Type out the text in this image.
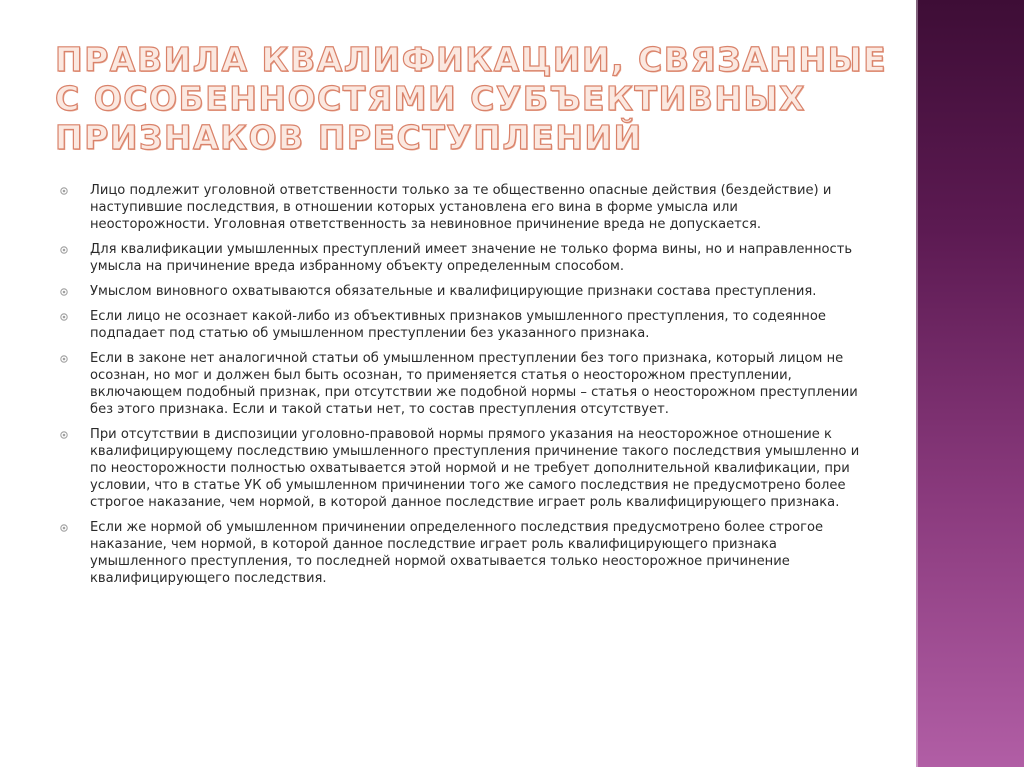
ПРАВИЛА КВАЛИФИКАЦИИ, СВЯЗАННЫЕ С ОСОБЕННОСТЯМИ СУБЪЕКТИВНЫХ ПРИЗНАКОВ ПРЕСТУПЛЕНИЙ
Лицо подлежит уголовной ответственности только за те общественно опасные действия (бездействие) и наступившие последствия, в отношении которых установлена его вина в форме умысла или неосторожности. Уголовная ответственность за невиновное причинение вреда не допускается.
Для квалификации умышленных преступлений имеет значение не только форма вины, но и направленность умысла на причинение вреда избранному объекту определенным способом.
Умыслом виновного охватываются обязательные и квалифицирующие признаки состава преступления.
Если лицо не осознает какой-либо из объективных признаков умышленного преступления, то содеянное подпадает под статью об умышленном преступлении без указанного признака.
Если в законе нет аналогичной статьи об умышленном преступлении без того признака, который лицом не осознан, но мог и должен был быть осознан, то применяется статья о неосторожном преступлении, включающем подобный признак, при отсутствии же подобной нормы – статья о неосторожном преступлении без этого признака. Если и такой статьи нет, то состав преступления отсутствует.
При отсутствии в диспозиции уголовно-правовой нормы прямого указания на неосторожное отношение к квалифицирующему последствию умышленного преступления причинение такого последствия умышленно и по неосторожности полностью охватывается этой нормой и не требует дополнительной квалификации, при условии, что в статье УК об умышленном причинении того же самого последствия не предусмотрено более строгое наказание, чем нормой, в которой данное последствие играет роль квалифицирующего признака.
Если же нормой об умышленном причинении определенного последствия предусмотрено более строгое наказание, чем нормой, в которой данное последствие играет роль квалифицирующего признака умышленного преступления, то последней нормой охватывается только неосторожное причинение квалифицирующего последствия.
